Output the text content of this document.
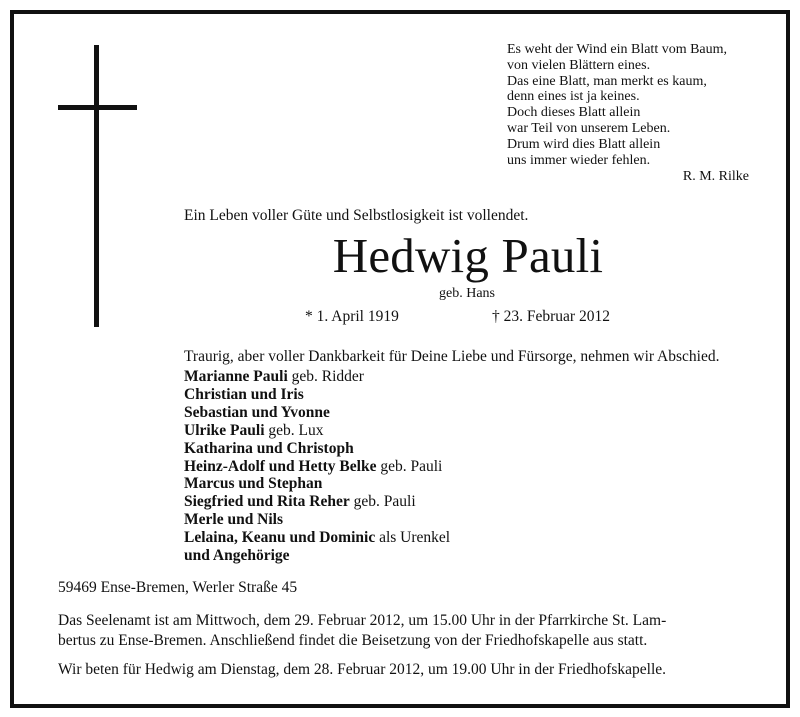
Es weht der Wind ein Blatt vom Baum,
von vielen Blättern eines.
Das eine Blatt, man merkt es kaum,
denn eines ist ja keines.
Doch dieses Blatt allein
war Teil von unserem Leben.
Drum wird dies Blatt allein
uns immer wieder fehlen.
R. M. Rilke
Ein Leben voller Güte und Selbstlosigkeit ist vollendet.
Hedwig Pauli
geb. Hans
* 1. April 1919	† 23. Februar 2012
Traurig, aber voller Dankbarkeit für Deine Liebe und Fürsorge, nehmen wir Abschied.
Marianne Pauli geb. Ridder
Christian und Iris
Sebastian und Yvonne
Ulrike Pauli geb. Lux
Katharina und Christoph
Heinz-Adolf und Hetty Belke geb. Pauli
Marcus und Stephan
Siegfried und Rita Reher geb. Pauli
Merle und Nils
Lelaina, Keanu und Dominic als Urenkel
und Angehörige
59469 Ense-Bremen, Werler Straße 45
Das Seelenamt ist am Mittwoch, dem 29. Februar 2012, um 15.00 Uhr in der Pfarrkirche St. Lam-
bertus zu Ense-Bremen. Anschließend findet die Beisetzung von der Friedhofskapelle aus statt.
Wir beten für Hedwig am Dienstag, dem 28. Februar 2012, um 19.00 Uhr in der Friedhofskapelle.
